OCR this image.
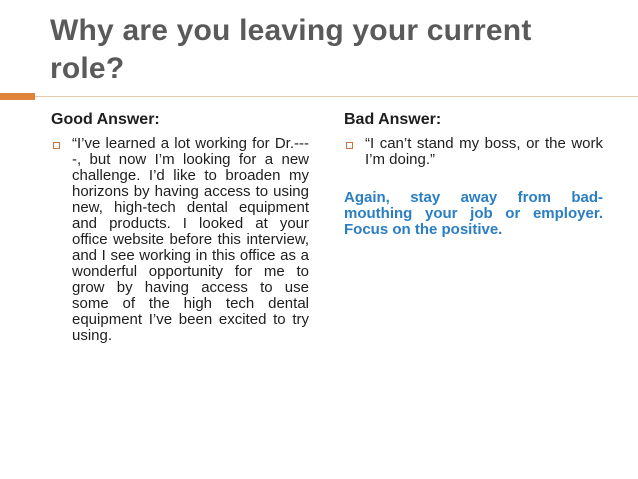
Why are you leaving your current role?
Good Answer:
“I’ve learned a lot working for Dr.----, but now I’m looking for a new challenge. I’d like to broaden my horizons by having access to using new, high-tech dental equipment and products. I looked at your office website before this interview, and I see working in this office as a wonderful opportunity for me to grow by having access to use some of the high tech dental equipment I’ve been excited to try using.
Bad Answer:
“I can’t stand my boss, or the work I’m doing.”
Again, stay away from bad-mouthing your job or employer. Focus on the positive.
